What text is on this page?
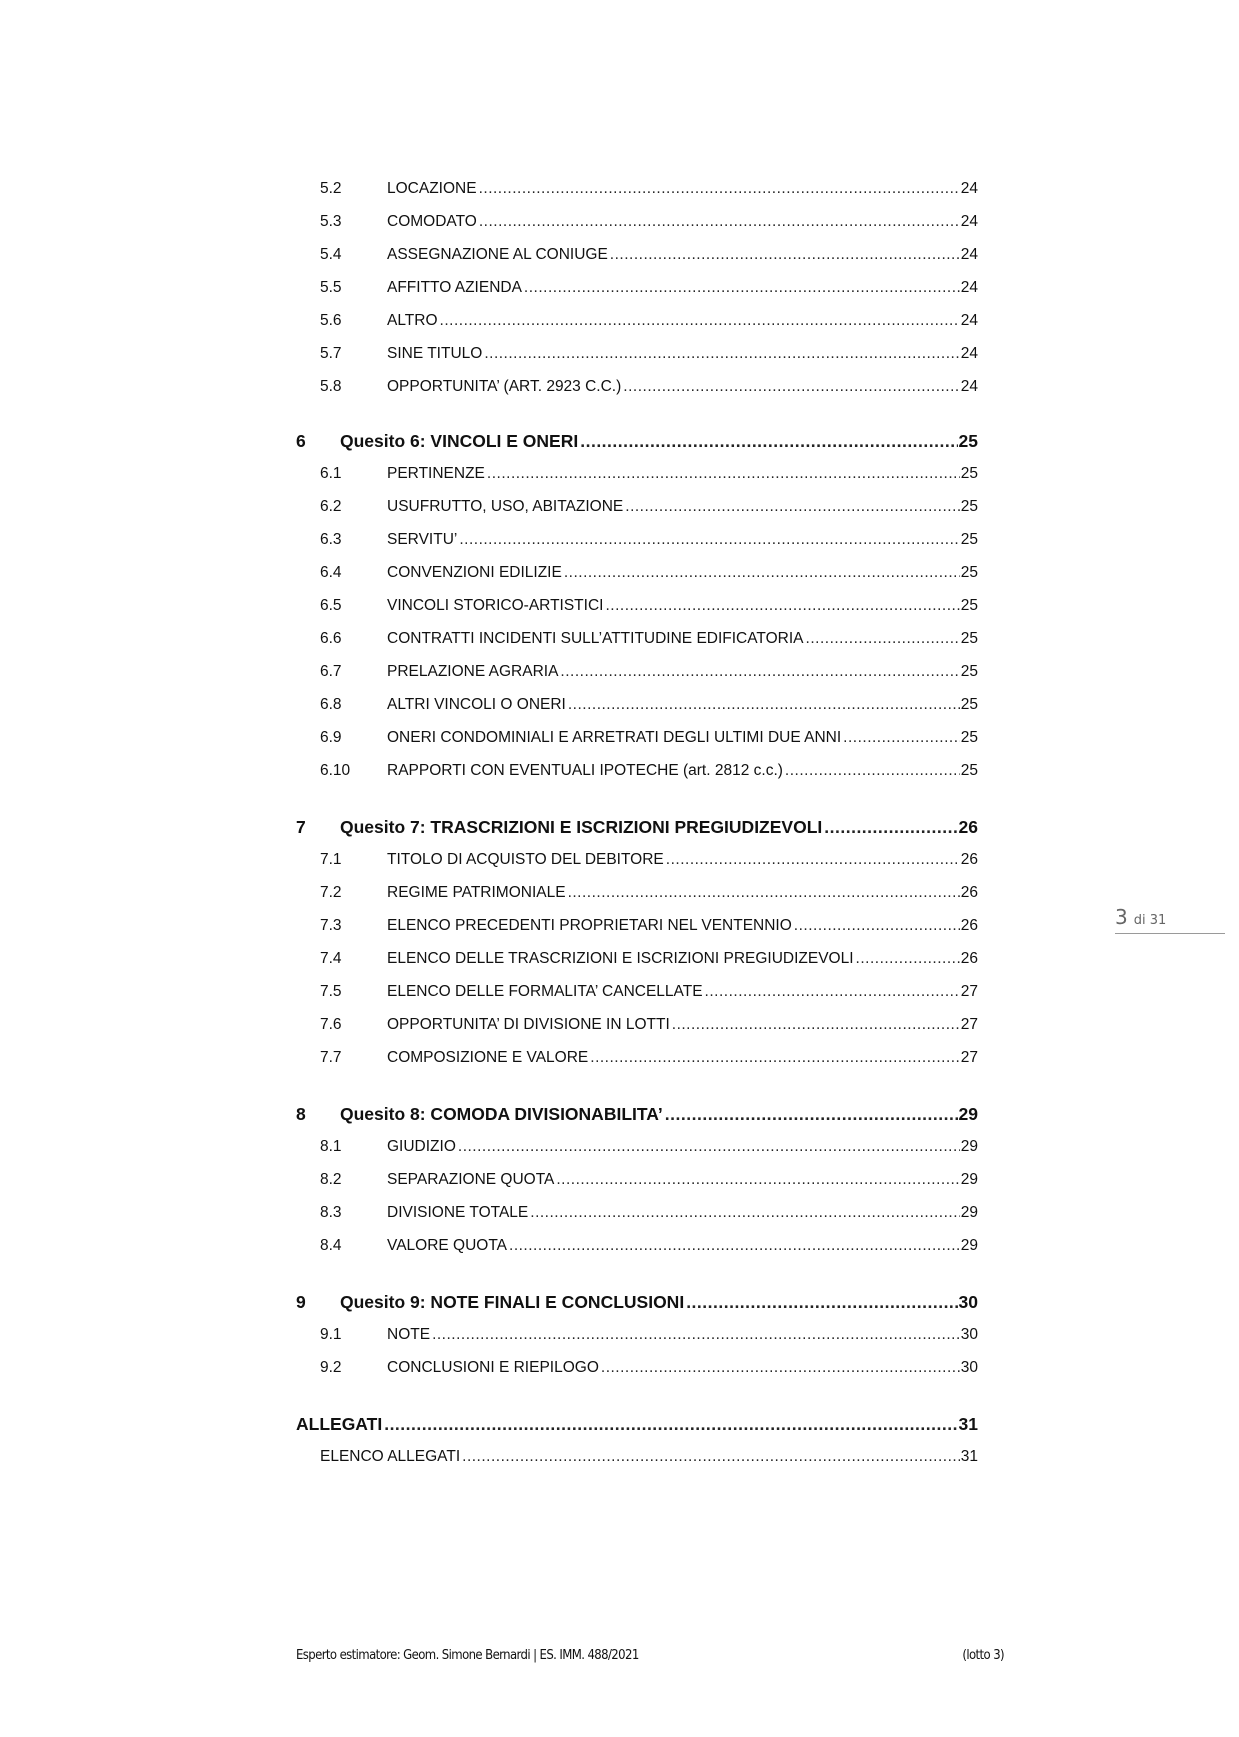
5.2	LOCAZIONE .....	24
5.3	COMODATO .....	24
5.4	ASSEGNAZIONE AL CONIUGE .....	24
5.5	AFFITTO AZIENDA .....	24
5.6	ALTRO .....	24
5.7	SINE TITULO .....	24
5.8	OPPORTUNITA’ (ART. 2923 C.C.) .....	24
6	Quesito 6: VINCOLI E ONERI .....	25
6.1	PERTINENZE .....	25
6.2	USUFRUTTO, USO, ABITAZIONE .....	25
6.3	SERVITU’ .....	25
6.4	CONVENZIONI EDILIZIE .....	25
6.5	VINCOLI STORICO-ARTISTICI .....	25
6.6	CONTRATTI INCIDENTI SULL’ATTITUDINE EDIFICATORIA .....	25
6.7	PRELAZIONE AGRARIA .....	25
6.8	ALTRI VINCOLI O ONERI .....	25
6.9	ONERI CONDOMINIALI E ARRETRATI DEGLI ULTIMI DUE ANNI .....	25
6.10	RAPPORTI CON EVENTUALI IPOTECHE (art. 2812 c.c.) .....	25
7	Quesito 7: TRASCRIZIONI E ISCRIZIONI PREGIUDIZEVOLI .....	26
7.1	TITOLO DI ACQUISTO DEL DEBITORE .....	26
7.2	REGIME PATRIMONIALE .....	26
7.3	ELENCO PRECEDENTI PROPRIETARI NEL VENTENNIO .....	26
7.4	ELENCO DELLE TRASCRIZIONI E ISCRIZIONI PREGIUDIZEVOLI .....	26
7.5	ELENCO DELLE FORMALITA’ CANCELLATE .....	27
7.6	OPPORTUNITA’ DI DIVISIONE IN LOTTI .....	27
7.7	COMPOSIZIONE E VALORE .....	27
8	Quesito 8: COMODA DIVISIONABILITA’ .....	29
8.1	GIUDIZIO .....	29
8.2	SEPARAZIONE QUOTA .....	29
8.3	DIVISIONE TOTALE .....	29
8.4	VALORE QUOTA .....	29
9	Quesito 9: NOTE FINALI E CONCLUSIONI .....	30
9.1	NOTE .....	30
9.2	CONCLUSIONI E RIEPILOGO .....	30
ALLEGATI .....	31
ELENCO ALLEGATI .....	31
3 di 31
Esperto estimatore: Geom. Simone Bernardi | ES. IMM. 488/2021	(lotto 3)
